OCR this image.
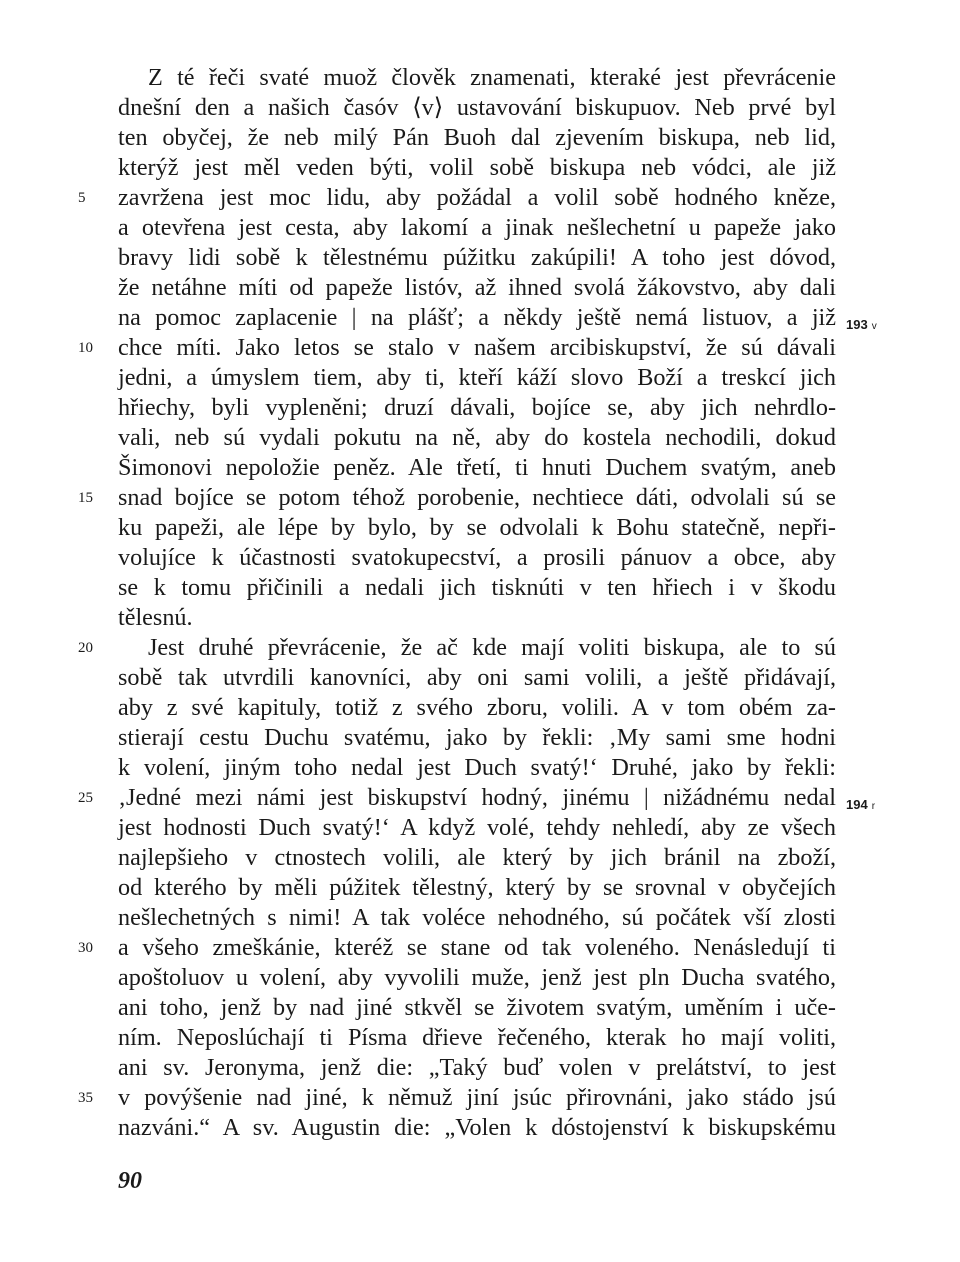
Z té řeči svaté muož člověk znamenati, kteraké jest převrácenie
dnešní den a našich časóv ⟨v⟩ ustavování biskupuov. Neb prvé byl
ten obyčej, že neb milý Pán Buoh dal zjevením biskupa, neb lid,
kterýž jest měl veden býti, volil sobě biskupa neb vódci, ale již
zavržena jest moc lidu, aby požádal a volil sobě hodného kněze,
a otevřena jest cesta, aby lakomí a jinak nešlechetní u papeže jako
bravy lidi sobě k tělestnému púžitku zakúpili! A toho jest dóvod,
že netáhne míti od papeže listóv, až ihned svolá žákovstvo, aby dali
na pomoc zaplacenie | na plášť; a někdy ještě nemá listuov, a již
chce míti. Jako letos se stalo v našem arcibiskupství, že sú dávali
jedni, a úmyslem tiem, aby ti, kteří káží slovo Boží a treskcí jich
hřiechy, byli vypleněni; druzí dávali, bojíce se, aby jich nehrdlo-
vali, neb sú vydali pokutu na ně, aby do kostela nechodili, dokud
Šimonovi nepoložie peněz. Ale třetí, ti hnuti Duchem svatým, aneb
snad bojíce se potom téhož porobenie, nechtiece dáti, odvolali sú se
ku papeži, ale lépe by bylo, by se odvolali k Bohu statečně, nepři-
volujíce k účastnosti svatokupecství, a prosili pánuov a obce, aby
se k tomu přičinili a nedali jich tisknúti v ten hřiech i v škodu
tělesnú.
Jest druhé převrácenie, že ač kde mají voliti biskupa, ale to sú
sobě tak utvrdili kanovníci, aby oni sami volili, a ještě přidávají,
aby z své kapituly, totiž z svého zboru, volili. A v tom obém za-
stierají cestu Duchu svatému, jako by řekli: ‚My sami sme hodni
k volení, jiným toho nedal jest Duch svatý!‘ Druhé, jako by řekli:
‚Jedné mezi námi jest biskupství hodný, jinému | nižádnému nedal
jest hodnosti Duch svatý!‘ A když volé, tehdy nehledí, aby ze všech
najlepšieho v ctnostech volili, ale který by jich bránil na zboží,
od kterého by měli púžitek tělestný, který by se srovnal v obyčejích
nešlechetných s nimi! A tak voléce nehodného, sú počátek vší zlosti
a všeho zmeškánie, kteréž se stane od tak voleného. Nenásledují ti
apoštoluov u volení, aby vyvolili muže, jenž jest pln Ducha svatého,
ani toho, jenž by nad jiné stkvěl se životem svatým, uměním i uče-
ním. Neposlúchají ti Písma dřieve řečeného, kterak ho mají voliti,
ani sv. Jeronyma, jenž die: „Taký buď volen v prelátství, to jest
v povýšenie nad jiné, k němuž jiní jsúc přirovnáni, jako stádo jsú
nazváni.“ A sv. Augustin die: „Volen k dóstojenství k biskupskému
5
10
15
20
25
30
35
193 v
194 r
90
